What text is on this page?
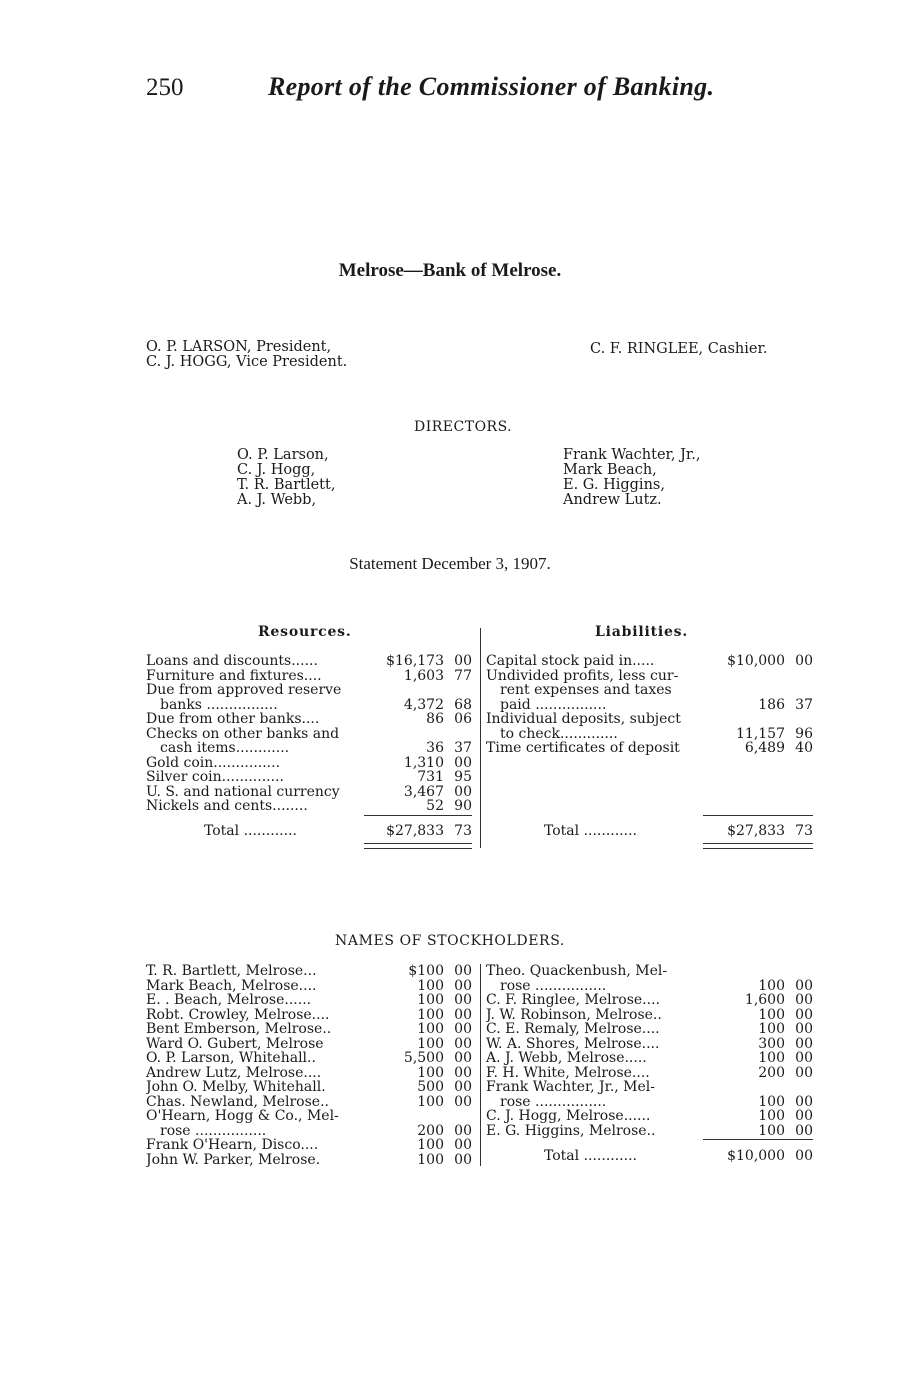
250	Report of the Commissioner of Banking.
Melrose—Bank of Melrose.
O. P. LARSON, President,
C. J. HOGG, Vice President.
C. F. RINGLEE, Cashier.
DIRECTORS.
O. P. Larson,
C. J. Hogg,
T. R. Bartlett,
A. J. Webb,
Frank Wachter, Jr.,
Mark Beach,
E. G. Higgins,
Andrew Lutz.
Statement December 3, 1907.
Resources.	Liabilities.
Loans and discounts......	$16,173 00
Furniture and fixtures....	1,603 77
Due from approved reserve
banks ................	4,372 68
Due from other banks....	86 06
Checks on other banks and
cash items............	36 37
Gold coin...............	1,310 00
Silver coin..............	731 95
U. S. and national currency	3,467 00
Nickels and cents........	52 90
Capital stock paid in.....	$10,000 00
Undivided profits, less cur-
rent expenses and taxes
paid ................	186 37
Individual deposits, subject
to check.............	11,157 96
Time certificates of deposit	6,489 40
Total ............	$27,833 73	Total ............	$27,833 73
NAMES OF STOCKHOLDERS.
T. R. Bartlett, Melrose...	$100 00
Mark Beach, Melrose....	100 00
E. . Beach, Melrose......	100 00
Robt. Crowley, Melrose....	100 00
Bent Emberson, Melrose..	100 00
Ward O. Gubert, Melrose	100 00
O. P. Larson, Whitehall..	5,500 00
Andrew Lutz, Melrose....	100 00
John O. Melby, Whitehall.	500 00
Chas. Newland, Melrose..	100 00
O'Hearn, Hogg & Co., Mel-
rose ................	200 00
Frank O'Hearn, Disco....	100 00
John W. Parker, Melrose.	100 00
Theo. Quackenbush, Mel-
rose ................	100 00
C. F. Ringlee, Melrose....	1,600 00
J. W. Robinson, Melrose..	100 00
C. E. Remaly, Melrose....	100 00
W. A. Shores, Melrose....	300 00
A. J. Webb, Melrose.....	100 00
F. H. White, Melrose....	200 00
Frank Wachter, Jr., Mel-
rose ................	100 00
C. J. Hogg, Melrose......	100 00
E. G. Higgins, Melrose..	100 00
Total ............	$10,000 00
